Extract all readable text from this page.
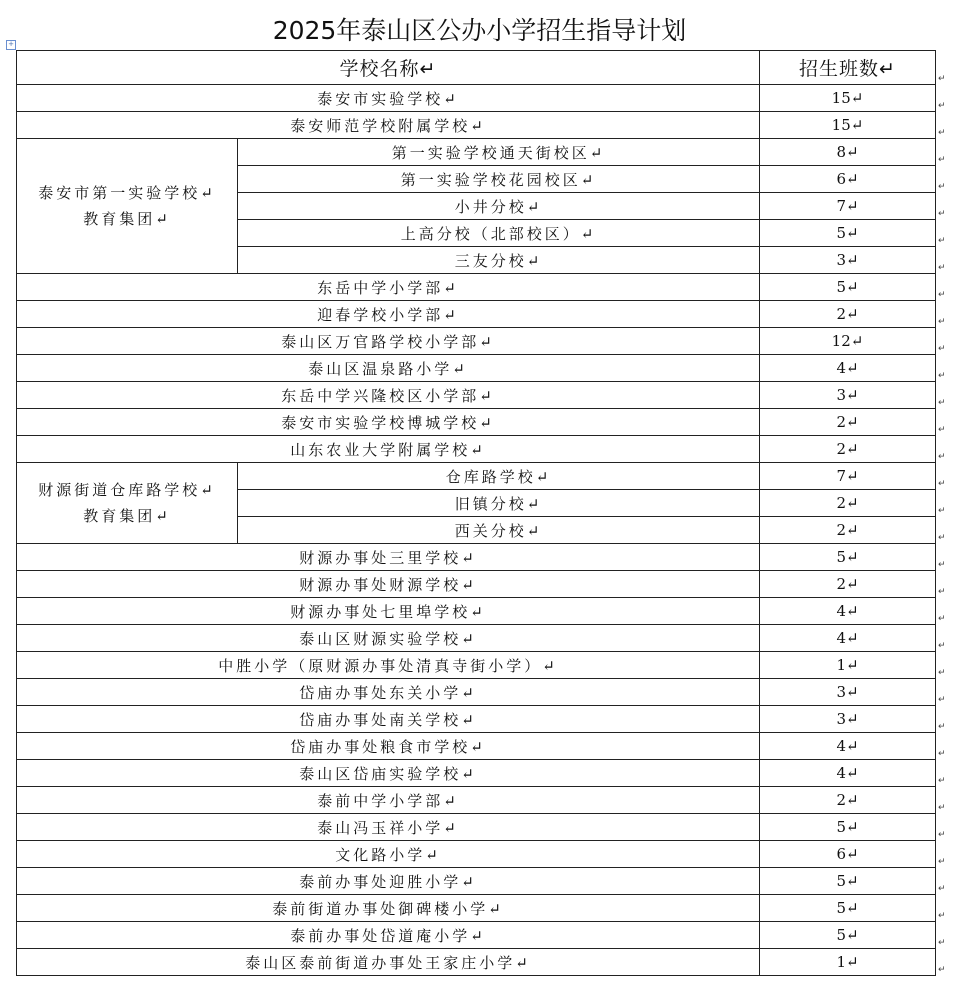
2025年泰山区公办小学招生指导计划
+
学校名称↵		招生班数↵
泰安市实验学校↵		15↵
泰安师范学校附属学校↵		15↵

泰安市第一实验学校↵
教育集团↵	第一实验学校通天街校区↵	8↵
	第一实验学校花园校区↵	6↵
	小井分校↵	7↵
	上高分校（北部校区）↵	5↵
	三友分校↵	3↵
东岳中学小学部↵		5↵
迎春学校小学部↵		2↵
泰山区万官路学校小学部↵		12↵
泰山区温泉路小学↵		4↵
东岳中学兴隆校区小学部↵		3↵
泰安市实验学校博城学校↵		2↵
山东农业大学附属学校↵		2↵

财源街道仓库路学校↵
教育集团↵	仓库路学校↵	7↵
	旧镇分校↵	2↵
	西关分校↵	2↵
财源办事处三里学校↵		5↵
财源办事处财源学校↵		2↵
财源办事处七里埠学校↵		4↵
泰山区财源实验学校↵		4↵
中胜小学（原财源办事处清真寺街小学）↵		1↵
岱庙办事处东关小学↵		3↵
岱庙办事处南关学校↵		3↵
岱庙办事处粮食市学校↵		4↵
泰山区岱庙实验学校↵		4↵
泰前中学小学部↵		2↵
泰山冯玉祥小学↵		5↵
文化路小学↵		6↵
泰前办事处迎胜小学↵		5↵
泰前街道办事处御碑楼小学↵		5↵
泰前办事处岱道庵小学↵		5↵
泰山区泰前街道办事处王家庄小学↵		1↵
↵
↵
↵
↵
↵
↵
↵
↵
↵
↵
↵
↵
↵
↵
↵
↵
↵
↵
↵
↵
↵
↵
↵
↵
↵
↵
↵
↵
↵
↵
↵
↵
↵
↵
